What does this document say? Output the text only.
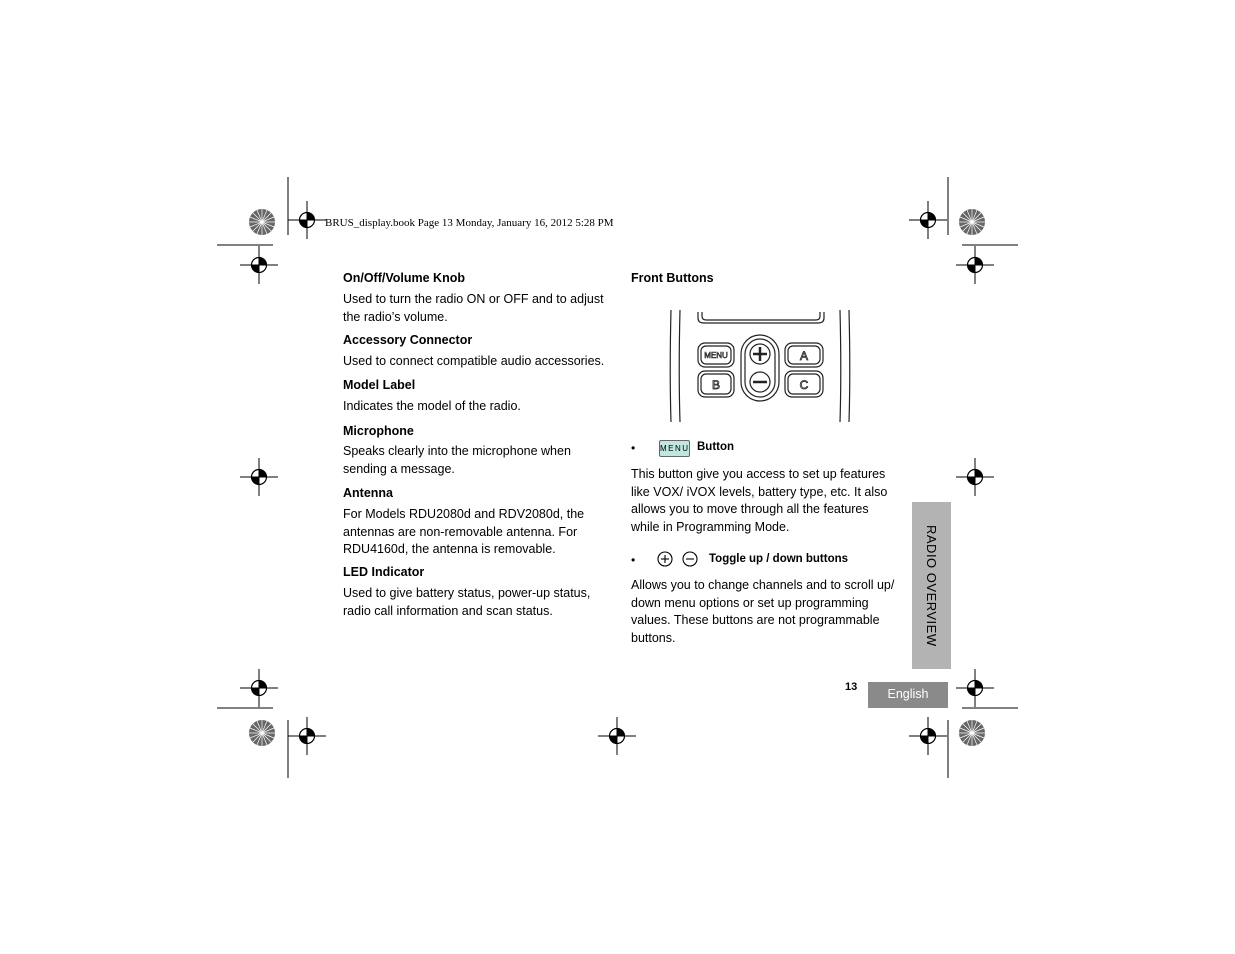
BRUS_display.book Page 13 Monday, January 16, 2012 5:28 PM
On/Off/Volume Knob
Used to turn the radio ON or OFF and to adjust
the radio’s volume.
Accessory Connector
Used to connect compatible audio accessories.
Model Label
Indicates the model of the radio.
Microphone
Speaks clearly into the microphone when
sending a message.
Antenna
For Models RDU2080d and RDV2080d, the
antennas are non-removable antenna. For
RDU4160d, the antenna is removable.
LED Indicator
Used to give battery status, power-up status,
radio call information and scan status.
Front Buttons
MENU	A
B	C
•	MENU Button
This button give you access to set up features
like VOX/ iVOX levels, battery type, etc. It also
allows you to move through all the features
while in Programming Mode.
•	Toggle up / down buttons
Allows you to change channels and to scroll up/
down menu options or set up programming
values. These buttons are not programmable
buttons.	RADIO OVERVIEW
13	English
